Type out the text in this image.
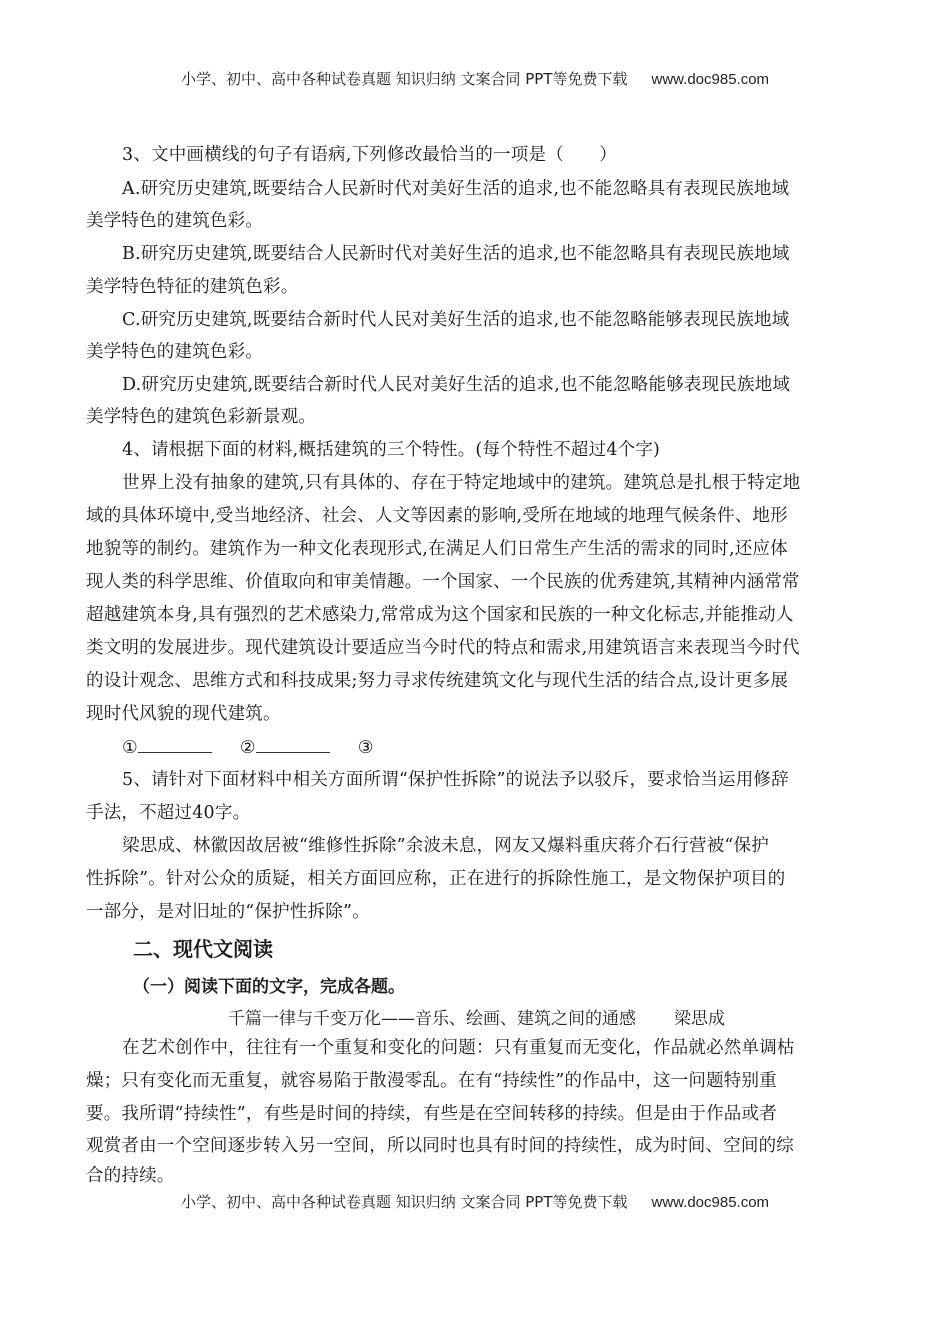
小学、初中、高中各种试卷真题 知识归纳 文案合同 PPT等免费下载 www.doc985.com
3、文中画横线的句子有语病,下列修改最恰当的一项是（　　）
A.研究历史建筑,既要结合人民新时代对美好生活的追求,也不能忽略具有表现民族地域
美学特色的建筑色彩。
B.研究历史建筑,既要结合人民新时代对美好生活的追求,也不能忽略具有表现民族地域
美学特色特征的建筑色彩。
C.研究历史建筑,既要结合新时代人民对美好生活的追求,也不能忽略能够表现民族地域
美学特色的建筑色彩。
D.研究历史建筑,既要结合新时代人民对美好生活的追求,也不能忽略能够表现民族地域
美学特色的建筑色彩新景观。
4、请根据下面的材料,概括建筑的三个特性。(每个特性不超过4个字)
世界上没有抽象的建筑,只有具体的、存在于特定地域中的建筑。建筑总是扎根于特定地
域的具体环境中,受当地经济、社会、人文等因素的影响,受所在地域的地理气候条件、地形
地貌等的制约。建筑作为一种文化表现形式,在满足人们日常生产生活的需求的同时,还应体
现人类的科学思维、价值取向和审美情趣。一个国家、一个民族的优秀建筑,其精神内涵常常
超越建筑本身,具有强烈的艺术感染力,常常成为这个国家和民族的一种文化标志,并能推动人
类文明的发展进步。现代建筑设计要适应当今时代的特点和需求,用建筑语言来表现当今时代
的设计观念、思维方式和科技成果;努力寻求传统建筑文化与现代生活的结合点,设计更多展
现时代风貌的现代建筑。
①	②	③
5、请针对下面材料中相关方面所谓“保护性拆除”的说法予以驳斥，要求恰当运用修辞
手法，不超过40字。
梁思成、林徽因故居被“维修性拆除”余波未息，网友又爆料重庆蒋介石行营被“保护
性拆除”。针对公众的质疑，相关方面回应称，正在进行的拆除性施工，是文物保护项目的
一部分，是对旧址的“保护性拆除”。
二、现代文阅读
（一）阅读下面的文字，完成各题。
千篇一律与千变万化——音乐、绘画、建筑之间的通感 梁思成
在艺术创作中，往往有一个重复和变化的问题：只有重复而无变化，作品就必然单调枯
燥；只有变化而无重复，就容易陷于散漫零乱。在有“持续性”的作品中，这一问题特别重
要。我所谓“持续性”，有些是时间的持续，有些是在空间转移的持续。但是由于作品或者
观赏者由一个空间逐步转入另一空间，所以同时也具有时间的持续性，成为时间、空间的综
合的持续。
小学、初中、高中各种试卷真题 知识归纳 文案合同 PPT等免费下载 www.doc985.com
